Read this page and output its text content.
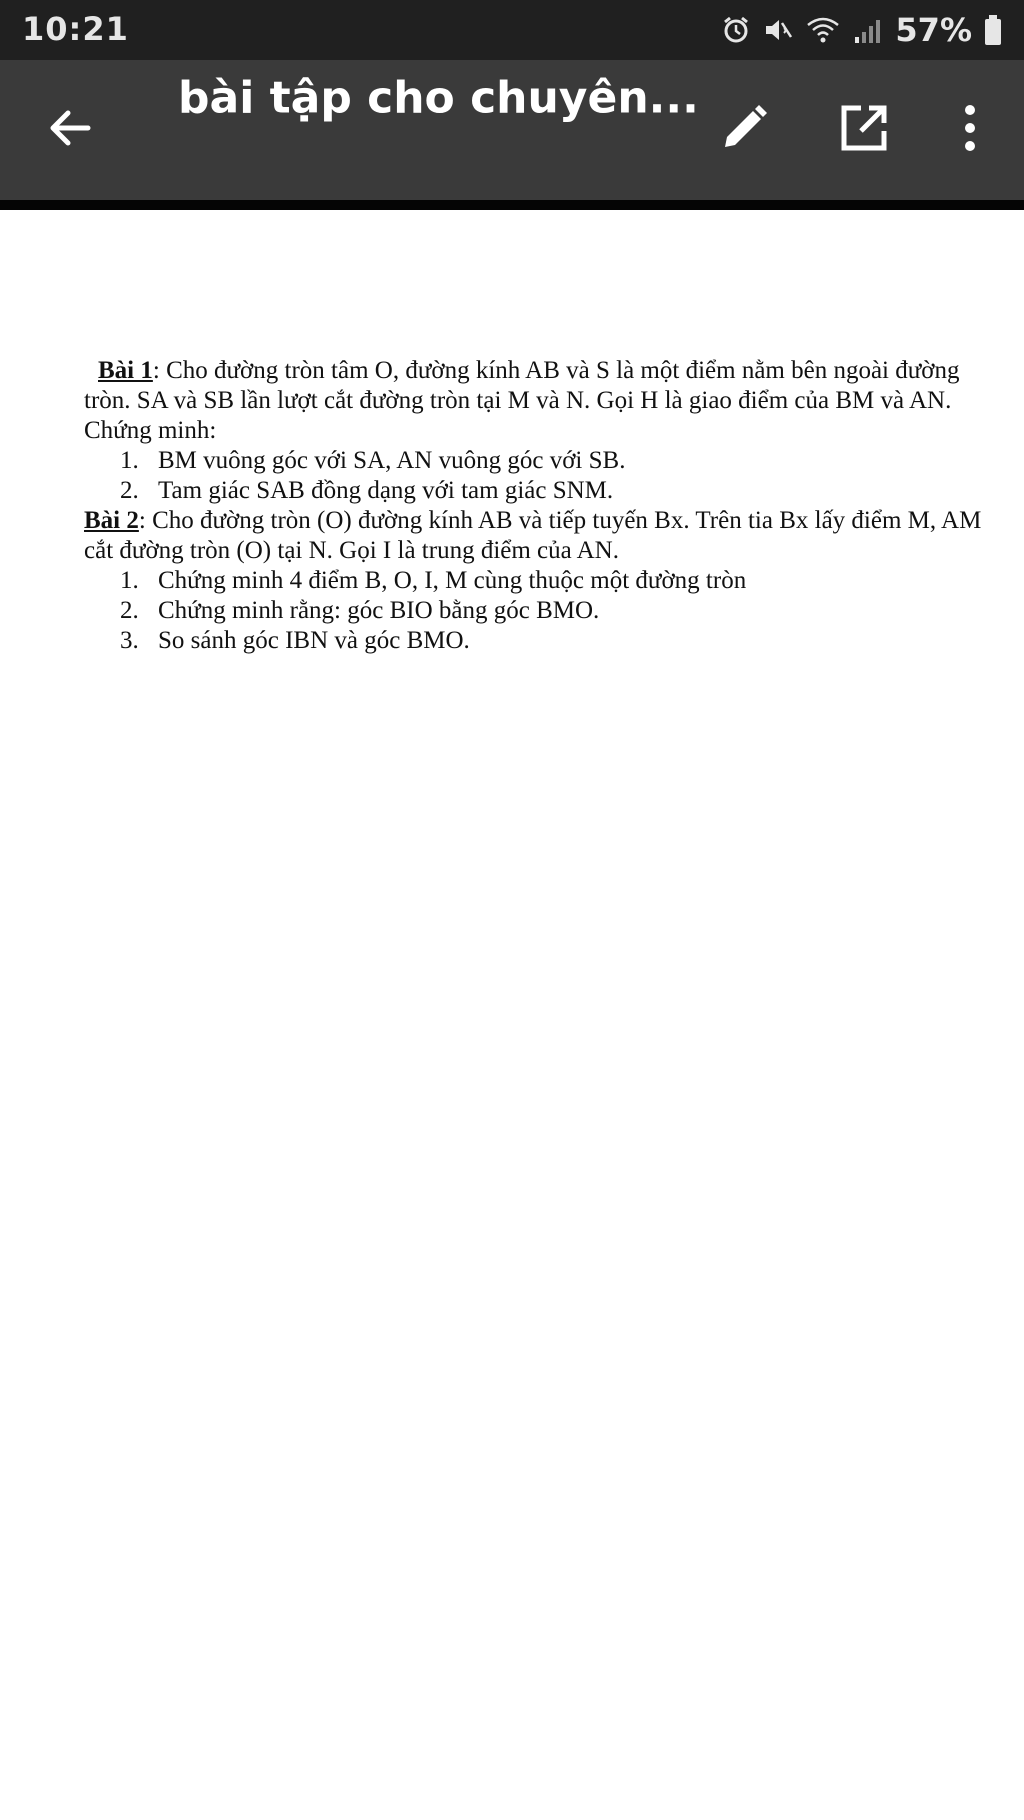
10:21	57%
bài tập cho chuyên...

Bài 1: Cho đường tròn tâm O, đường kính AB và S là một điểm nằm bên ngoài đường tròn. SA và SB lần lượt cắt đường tròn tại M và N. Gọi H là giao điểm của BM và AN. Chứng minh:

1. BM vuông góc với SA, AN vuông góc với SB.
2. Tam giác SAB đồng dạng với tam giác SNM.

Bài 2: Cho đường tròn (O) đường kính AB và tiếp tuyến Bx. Trên tia Bx lấy điểm M, AM cắt đường tròn (O) tại N. Gọi I là trung điểm của AN.

1. Chứng minh 4 điểm B, O, I, M cùng thuộc một đường tròn
2. Chứng minh rằng: góc BIO bằng góc BMO.
3. So sánh góc IBN và góc BMO.
